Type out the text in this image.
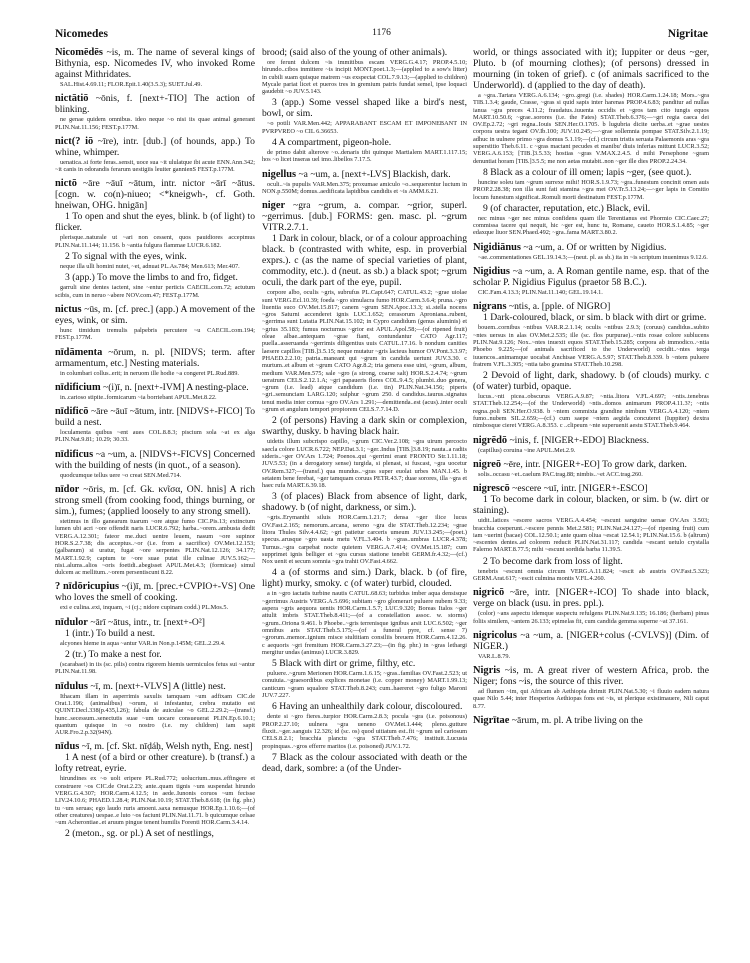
Nicomedes	1176	Nigritae
Nicomēdēs ~is, m. The name of several kings of Bithynia, esp. Nicomedes IV, who invoked Rome against Mithridates.
SAL.Hist.4.69.11; FLOR.Epit.1.40(3.5.3); SUET.Jul.49.
nictātiō ~ōnis, f. [next+-TIO] The action of blinking.
ne genae quidem omnibus. ideo neque ~o nisi iis quae animal generant PLIN.Nat.11.156; FEST.p.177M.
nict(? iō ~īre), intr. [dub.] (of hounds, app.) To whine, whimper.
uenatica..si forte feras..sensit, uoce sua ~it ululatque ibi acute ENN.Ann.342; ~it canis in odorandis ferarum uestigiis leuiter gannienS FEST.p.177M.
nictō ~āre ~āuī ~ātum, intr. nictor ~ārī ~ātus. [cogn. w. co(n)-niueo; <*kneigwh-, cf. Goth. hneiwan, OHG. hnigān]
1 To open and shut the eyes, blink. b (of light) to flicker.
plerisque..naturale ut ~ari non cessent, quos pauidiores accepimus PLIN.Nat.11.144; 11.156. b ~antia fulgura flammae LUCR.6.182.
2 To signal with the eyes, wink.
neque illa ulli homini nutet, ~et, adnuat PL.As.784; Men.613; Mer.407.
3 (app.) To move the limbs to and fro, fidget.
garruli sine dentes iactent, sine ~entur perticis CAECIL.com.72; actutum scibis, cum in neruo ~abere NOV.com.47; FEST.p.177M.
nictus ~ūs, m. [cf. prec.] (app.) A movement of the eyes, wink, or sim.
hunc timidum tremulis palpebris percutere ~u CAECIL.com.194; FEST.p.177M.
nīdāmenta ~ōrum, n. pl. [NIDVS; term. after armamentum, etc.] Nesting materials.
in columbari collus..erit; in neruom ille hodie ~a congeret PL.Rud.889.
nīdificium ~(i)ī, n. [next+-IVM] A nesting-place.
in..carioso stipite..formicarum ~ia borriebant APUL.Met.8.22.
nīdificō ~āre ~āuī ~ātum, intr. [NIDVS+-FICO] To build a nest.
loculamenta quibus ~ent aues COL.8.8.3; piscium sola ~at ex alga PLIN.Nat.9.81; 10.29; 30.33.
nīdificus ~a ~um, a. [NIDVS+-FICVS] Concerned with the building of nests (in quot., of a season).
quodcumque tellus uere ~o creat SEN.Med.714.
nīdor ~ōris, m. [cf. Gk. κνῖσα, ON. hnis] A rich strong smell (from cooking food, things burning, or sim.), fumes; (applied loosely to any strong smell).
stetimus in illo ganearum tuarum ~ore atque fumo CIC.Pis.13; extinctum lumen ubi acri ~ore offendit naris LUCR.6.792; harba..~orem..ambusta dedit VERG.A.12.301; fateor me..duci uentre leuem, nasum ~ore supinor HOR.S.2.7.38; dis acceptus..~or (i.e. from a sacrifice) OV.Met.12.153; (galbanum) si uratur, fugat ~ore serpentes PLIN.Nat.12.126; 34.177; MART.1.92.9; captum te ~ore suae putat ille culinae JUV.5.162;—nisi..alums..alios ~oris foetidi..abegisset APUL.Met.4.3; (formicae) simul dulcem ac mellitum..~orem persentiscunt 8.22.
? nīdōricupius ~(i)ī, m. [prec.+CVPIO+-VS] One who loves the smell of cooking.
exi e culina..exi, inquam, ~i (cj.; nidore cupinam codd.) PL.Mos.5.
nīdulor ~ārī ~ātus, intr., tr. [next+-O²]
1 (intr.) To build a nest.
alcyones hieme in aqua ~antur VAR.in Non.p.145M; GEL.2.29.4.
2 (tr.) To make a nest for.
(scarabaei) in iis (sc. pilis) contra rigorem hiemis uermiculos fetus sui ~antur PLIN.Nat.11.98.
nīdulus ~ī, m. [next+-VLVS] A (little) nest.
Ithacam illam in asperrimis saxulis tamquam ~um adfixam CIC.de Orat.1.196; (animalibus) ~orum, si infestantur, crebra mutatio est QUINT.Decl.338(p.435,l.26); fabula de auiculae ~o GEL.2.29.2;—(transf.) hunc..secessum..senectutis suae ~um uocare consueuerat PLIN.Ep.6.10.1; quantum quisque in ~o nostro (i.e. my children) iam sapit AUR.Fro.2.p.32(94N).
nīdus ~ī, m. [cf. Skt. nīḍáḥ, Welsh nyth, Eng. nest]
1 A nest (of a bird or other creature). b (transf.) a lofty retreat, eyrie.
hirundines ex ~o uolt eripere PL.Rud.772; uolucrium..mus..effingere et construere ~os CIC.de Orat.2.23; ante..quam tignis ~um suspendat hirundo VERG.G.4.307; HOR.Carm.4.12.5; in aede..Iunonis coruos ~um fecisse LIV.24.10.6; PHAED.1.28.4; PLIN.Nat.10.19; STAT.Theb.8.618; (in fig. phr.) tu ~um seruas; ego laudo ruris amoeni..saxa nemusque HOR.Ep.1.10.6;—(of other creatures) uespae..e luto ~os faciunt PLIN.Nat.11.71. b quicumque celsae ~um Acherontiae..et aruum pingue tenent humilis Forenti HOR.Carm.3.4.14.
2 (meton., sg. or pl.) A set of nestlings,
brood; (said also of the young of other animals).
ore ferunt dulcem ~is immitibus escam VERG.G.4.17; PROP.4.5.10; hirundo..cibos inmittere ~is incipit MONT.poet.1.3;—(applied to a sow's litter) in cubili suam quisque matrem ~us exspectat COL.7.9.13;—(applied to children) Mycale pariat licet et pueros tres in gremium patris fundat semel, ipse loquaci gaudebit ~o JUV.5.143.
3 (app.) Some vessel shaped like a bird's nest, bowl, or sim.
~o potili VAR.Men.442; APPARABANT ESCAM ET IMPONEBANT IN PVRPVREO ~o CIL 6.36653.
4 A compartment, pigeon-hole.
de primo dabit alterove ~o..denaris tibi quinque Martialem MART.1.117.15; hos ~o licet inseras uel imo..libellos 7.17.5.
nigellus ~a ~um, a. [next+-LVS] Blackish, dark.
oculi..~is pupulis VAR.Men.375; proxumae amiculo ~o..sequerentur luctum in NON.p.550M; domus..aedificata lapidibus candidis et ~is AMM.6.21.
niger ~gra ~grum, a. compar. ~grior, superl. ~gerrimus. [dub.] FORMS: gen. masc. pl. ~grum VITR.2.7.1.
1 Dark in colour, black, or of a colour approaching black. b (contrasted with white, esp. in proverbial exprs.). c (as the name of special varieties of plant, commodity, etc.). d (neut. as sb.) a black spot; ~grum oculi, the dark part of the eye, pupil.
corpore albo, oculis ~gris, subrufus PL.Capt.647; CATUL.43.2; ~grae uiolae sunt VERG.Ecl.10.39; foeda ~gro simulacra fumo HOR.Carm.3.6.4; pruna..~gro liuentia suco OV.Met.15.817; canem ~grum SEN.Apoc.13.3; si..stella nocens ~gros Saturni accenderet ignis LUC.1.652; cerasorum Aproniana..rubent, ~gerrima sunt Lutatia PLIN.Nat.15.102; in Cypro candidum (genus aluminis) et ~grius 35.183; fumus nocturnus ~grior est APUL.Apol.58;—(of ripened fruit) oleae albae..antequam ~grae fiant, contundantur CATO Agr.117; puella..asseruanda ~gerrimis diligentius uuis CATUL.17.16. b nondum canities laesere capillos [TIB.]3.5.15; neque mutatur ~gris lacteus humor OV.Pont.3.3.97; PHAED.2.2.10; patria..maneant qui ~grum in candida uertunt JUV.3.30. c murtum..et album et ~grum CATO Agr.8.2; tria genera esse uini, ~grum, album, medium VAR.Men.575; sale ~gro (a strong, coarse salt) HOR.S.2.4.74; ~grum ueratrum CELS.2.12.1.A; ~gri papaueris flores COL.9.4.5; plumbi..duo genera, ~grum (i.e. lead) atque candidum (i.e. tin) PLIN.Nat.34.156; piperis ~gri..semunciam LARG.120; sulphur ~grum 250. d candidus..taurus..signatus tenui media inter cornua ~gro OV.Ars 1.291;—demittenda..est (acus)..inter oculi ~grum et angulum tempori propiorem CELS.7.7.14.D.
2 (of persons) Having a dark skin or complexion, swarthy, dusky. b having black hair.
uidetis illum subcrispo capillo, ~grum CIC.Ver.2.108; ~gra uirum percocto saecla colore LUCR.6.722; NEP.Dat.3.1; ~ger..Indus [TIB.]3.8.19; nauta..a radiis sideris..~ger OV.Ars 1.724; Poenos..qui ~gerrimi erant FRONTO Str.1.11.18; JUV.5.53; (in a derogatory sense) turgida, si plenast, si fuscast, ~gra uocetur OV.Rem.327;—(transf.) qua mundus..~gras super euolat urbes MAN.1.45. b setatem bene ferebat, ~ger tamquam coruus PETR.43.7; duae sorores, illa ~gra et haec rufa MART.6.39.18.
3 (of places) Black from absence of light, dark, shadowy. b (of night, darkness, or sim.).
~gris..Erymanthi siluis HOR.Carm.1.21.7; densa ~ger ilice lucus OV.Fast.2.165; nemorum..arcana, sereno ~gra die STAT.Theb.12.234; ~grae litora Thules Silv.4.4.62; ~gri patietur carceris umeum JUV.13.245;—(poet.) specus..arusque ~gro uasta metu V.FL.3.404. b ~gras..umbras LUCR.4.378; Turnus..~gra carpebat nocte quietem VERG.A.7.414; OV.Met.15.187; cum supprimet ignis belliger et ~gra cursus statione tenebit GERM.fr.4.32;—(cf.) Nox uenit et secum somnia ~gra trahit OV.Fast.4.662.
4 a (of storms and sim.) Dark, black. b (of fire, light) murky, smoky. c (of water) turbid, clouded.
a in ~gro iactatis turbine nautis CATUL.68.63; turbidus imber aqua densisque ~gerrimus Austris VERG.A.5.696; subitam ~gro glomerari puluere nubem 9.33; aspera ~gris aequora uentis HOR.Carm.1.5.7; LUC.9.320; Boreas Italos ~ger attulit imbris STAT.Theb.8.411;—(of a constellation assoc. w. storms) ~grum..Oriona 9.461. b Phoebe..~gris terrenisque ignibus arsit LUC.6.502; ~ger omnibus aris STAT.Theb.5.175;—(of a funeral pyre, cf. sense 7) ~grorum..memor..ignium misce stultitiam consiliis breuem HOR.Carm.4.12.26. c aequoris ~gri fremitum HOR.Carm.3.27.23;—(in fig. phr.) in ~gras lethargi mergitur undas (animus) LUCR.3.829.
5 Black with dirt or grime, filthy, etc.
puluere..~grum Merionen HOR.Carm.1.6.15; ~gras..familias OV.Fast.2.523; ut conuiuia..~graesordibus explices monetae (i.e. copper money) MART.1.99.13; canticum ~gram squalore STAT.Theb.8.243; cum..haereret ~gro fuligo Maroni JUV.7.227.
6 Having an unhealthily dark colour, discoloured.
dente si ~gro fieres..turpior HOR.Carm.2.8.3; pocula ~gra (i.e. poisonous) PROP.2.27.10; uulnera ~gra ueneno OV.Met.1.444; pleno..gutture fluxit..~ger..sanguis 12.326; id (sc. os) quod uitiatum est..fit ~grum uel cariosum CELS.8.2.1; bracchia planctu ~gra STAT.Theb.7.476; instituit..Lucusta propinquas..~gros efferre maritos (i.e. poisoned) JUV.1.72.
7 Black as the colour associated with death or the dead, dark, sombre: a (of the Under-
world, or things associated with it); Iuppiter or deus ~ger, Pluto. b (of mourning clothes); (of persons) dressed in mourning (in token of grief). c (of animals sacrificed to the Underworld). d (applied to the day of death).
a ~gra..Tartara VERG.A.6.134; ~gro..gregi (i.e. shades) HOR.Carm.1.24.18; Mors..~gra TIB.1.3.4; gaude, Crasse, ~gras si quid sapis inter harenas PROP.4.6.83; panditur ad nullas ianua ~gra preces 4.11.2; fraudatus..iuuenta occidis et ~gros tam cito iungis equos MART.10.50.6; ~grae..sorores (i.e. the Fates) STAT.Theb.6.376;—~gri regia caeca dei OV.Ep.2.72; ~gri regna..Iouis SEN.Her.O.1705. b lugubria dicite uerba..et ~grae uestes corpora uestra tegant OV.Ib.100; JUV.10.245;—~grae sollemnia pompae STAT.Silv.2.1.19; adhuc in uulnere primo ~gra domus 5.1.19;—(cf.) circum tristis seruata Palaemonis aras ~gra superstitio Theb.6.11. c ~gras mactant pecudes et manibu' diuis inferias mittunt LUCR.3.52; VERG.A.6.153; [TIB.]3.5.33; hostias ~gras V.MAX.2.4.5. d mihi Persephone ~gram denuntiat horam [TIB.]3.5.5; me non aetas mutabit..non ~ger ille dies PROP.2.24.34.
8 Black as a colour of ill omen; lapis ~ger, (see quot.).
huncine soleu tam ~grum surrexe mihi! HOR.S.1.9.73; ~gra..funestum concinit omen auis PROP.2.28.38; non illa sunt fati stamina ~gra mei OV.Tr.5.13.24;—~ger lapis in Comitio locum funestum significat..Romuli morti destinatum FEST.p.177M.
9 (of character, reputation, etc.) Black, evil.
nec minus ~ger nec minus confidens quam ille Terentianus est Phormio CIC.Caec.27; commissa tacere qui nequit, hic ~ger est, hunc tu, Romane, caueto HOR.S.1.4.85; ~ger edaxque liuor SEN.Phaed.492; ~gra..fama MART.3.80.2.
Nigidiānus ~a ~um, a. Of or written by Nigidius.
~ae..commentationes GEL.19.14.3;—(neut. pl. as sb.) ita in ~is scriptum inuenimus 9.12.6.
Nigidius ~a ~um, a. A Roman gentile name, esp. that of the scholar P. Nigidius Figulus (praetor 58 B.C.).
CIC.Fam.4.13.3; PLIN.Nat.11.140; GEL.19.14.1.
nigrans ~ntis, a. [pple. of NIGRO]
1 Dark-coloured, black, or sim. b black with dirt or grime.
bouem..cornibus ~ntibus VAR.R.2.1.14; oculis ~ntibus 2.9.3; (coruus) candidus..subito ~ntes uersus in alas OV.Met.2.535; ille (sc. flos purpurae)..~ntis rosae colore sublucens PLIN.Nat.9.126; Nox..~ntes inuexit equos STAT.Theb.15.285; corpora ab immodico..~ntia Phoebo 9.225;—(of animals sacrificed to the Underworld) cecidit..~ntes terga iuuencos..animamque uocabat Anchisae VERG.A.5.97; STAT.Theb.8.339. b ~ntem puluere fratrem V.FL.3.305; ~ntia tabo gramina STAT.Theb.10.298.
2 Devoid of light, dark, shadowy. b (of clouds) murky. c (of water) turbid, opaque.
lucus..~nti picea..obscurus VERG.A.9.87; ~ntia..litora V.FL.4.697; ~ntis..tenebras STAT.Theb.12.254;—(of the Underworld) ~ntis..domos animarum PROP.4.11.3?; ~ntis regna..poli SEN.Her.O.938. b ~ntem commixta grandine nimbum VERG.A.4.120; ~ntem fumo..nubem SIL.2.659;—(cf.) cum saepe ~ntem aegida concuteret (Iuppiter) dextra nimbosque cieret VERG.A.8.353. c ..clipeum ~nte superuenit aestu STAT.Theb.9.464.
nigrēdō ~inis, f. [NIGER+-EDO] Blackness.
(capillus) coruina ~ine APUL.Met.2.9.
nigreō ~ēre, intr. [NIGER+-EO] To grow dark, darken.
solis..occasu ~et..caelum PAC.trag.88; nimbis..~et ACC.trag.260.
nigrescō ~escere ~uī, intr. [NIGER+-ESCO]
1 To become dark in colour, blacken, or sim. b (w. dirt or staining).
uidit..latices ~escere sacros VERG.A.4.454; ~escunt sanguine uenae OV.Ars 3.503; bracchia coeperunt..~escere pennis Met.2.581; PLIN.Nat.24.127;—(of ripening fruit) cum iam ~uerint (bacae) COL.12.50.1; ante quam oliua ~escat 12.54.1; PLIN.Nat.15.6. b (altrum) ~escentes dentes..ad colorem reducit PLIN.Nat.31.117; candida ~escant uetulo crystalla Falerno MART.8.77.5; mihi ~escunt sordida barba 11.39.5.
2 To become dark from loss of light.
tenebris ~escunt omnia circum VERG.A.11.824; ~escit ab austris OV.Fast.5.323; GERM.Arat.617; ~escit culmina montis V.FL.4.260.
nigricō ~āre, intr. [NIGER+-ICO] To shade into black, verge on black (usu. in pres. ppl.).
(color) ~ans aspectu idemque suspectu refulgens PLIN.Nat.9.135; 16.186; (herbam) pinus foliis similem, ~antem 26.133; epimelas fit, cum candida gemma superne ~at 37.161.
nigricolus ~a ~um, a. [NIGER+colus (-CVLVS)] (Dim. of NIGER.)
VAR.L.8.79.
Nigris ~is, m. A great river of western Africa, prob. the Niger; fons ~is, the source of this river.
ad flumen ~im, qui Africam ab Aethiopia dirimit PLIN.Nat.5.30; ~i fluuio eadem natura quae Nilo 5.44; inter Hesperios Aethiopas fons est ~is, ut plerique existimauere, Nili caput 8.77.
Nigrītae ~ārum, m. pl. A tribe living on the
